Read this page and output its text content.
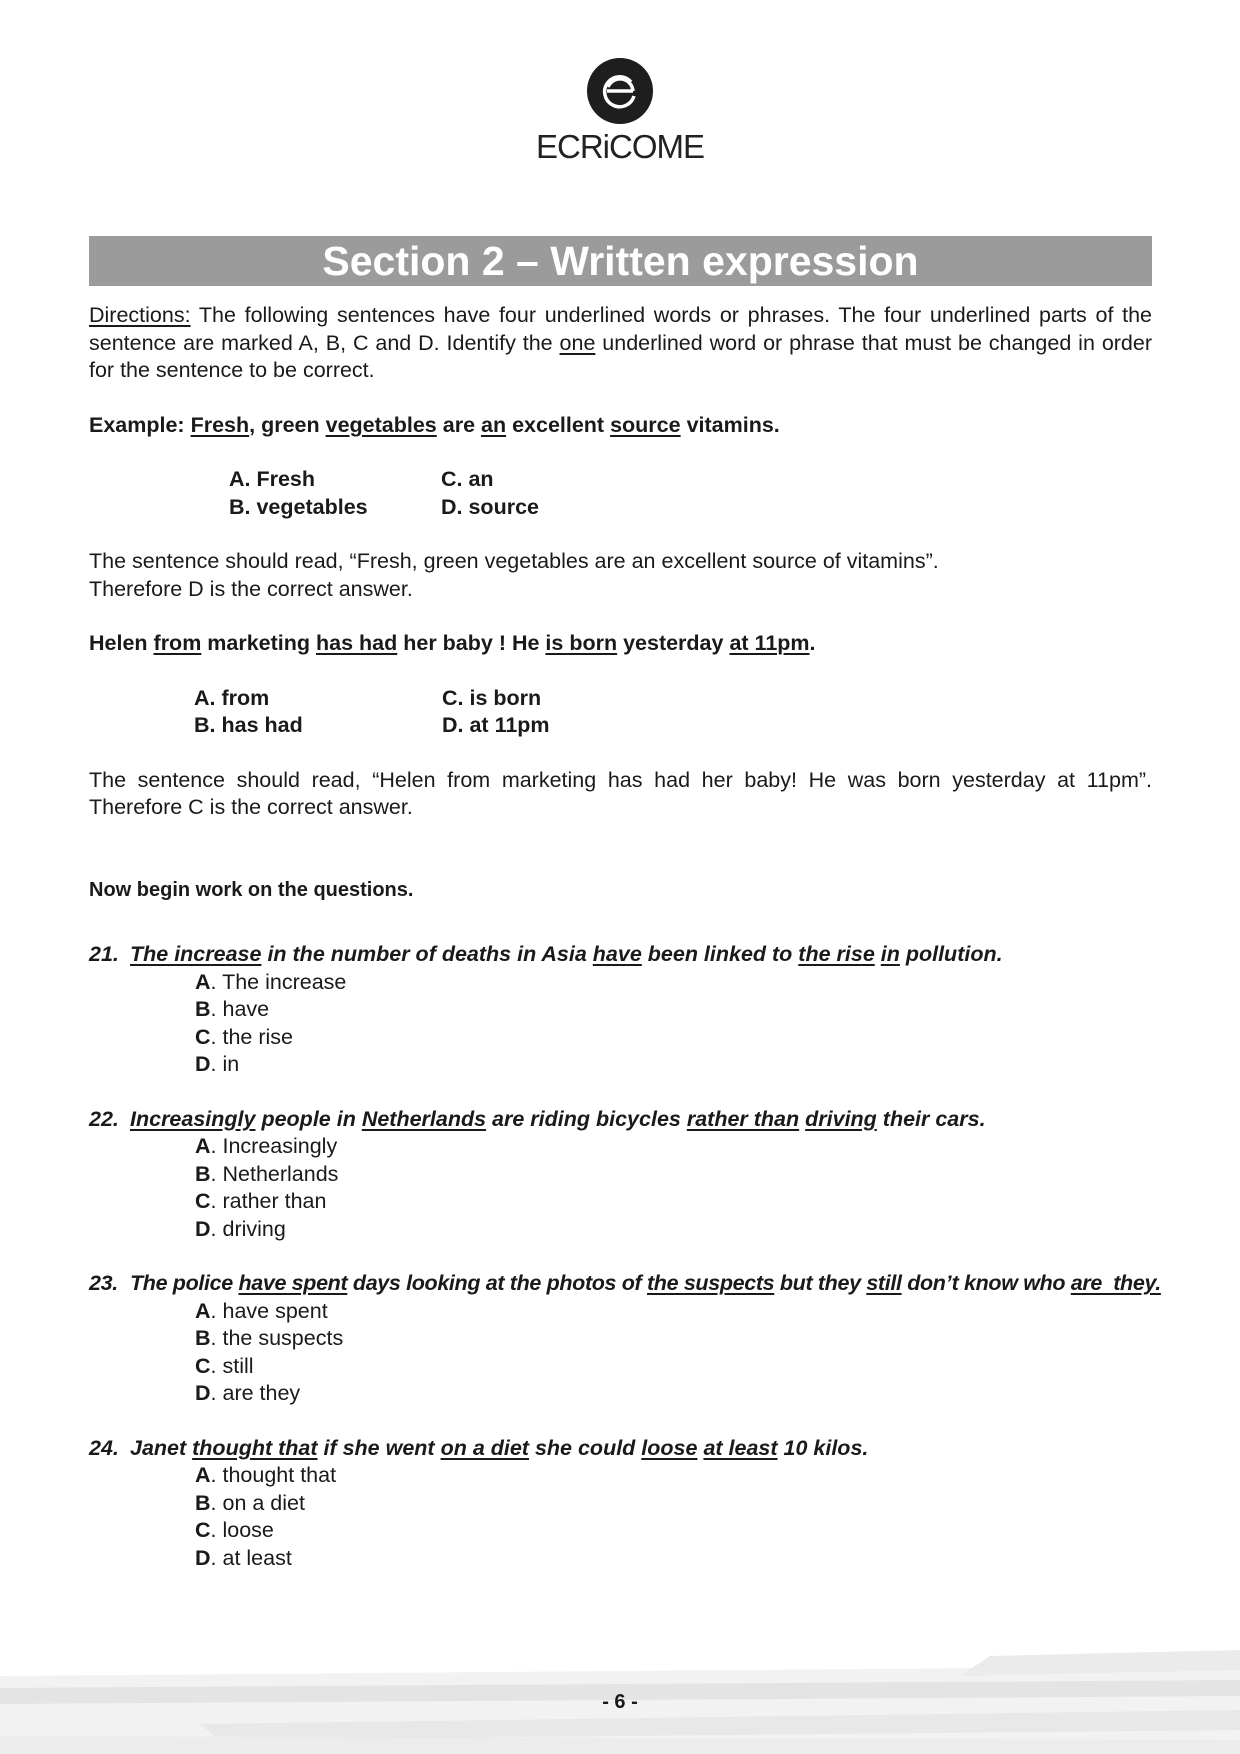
ECRiCOME
Section 2 – Written expression

Directions: The following sentences have four underlined words or phrases. The four underlined parts of the sentence are marked A, B, C and D. Identify the one underlined word or phrase that must be changed in order for the sentence to be correct.

Example: Fresh, green vegetables are an excellent source vitamins.

A. Fresh	C. an
B. vegetables	D. source

The sentence should read, “Fresh, green vegetables are an excellent source of vitamins”.

Therefore D is the correct answer.

Helen from marketing has had her baby ! He is born yesterday at 11pm.

A. from	C. is born
B. has had	D. at 11pm

The sentence should read, “Helen from marketing has had her baby! He was born yesterday at 11pm”.

Therefore C is the correct answer.

Now begin work on the questions.

21. The increase in the number of deaths in Asia have been linked to the rise in pollution.
A. The increase
B. have
C. the rise
D. in
22. Increasingly people in Netherlands are riding bicycles rather than driving their cars.
A. Increasingly
B. Netherlands
C. rather than
D. driving
23. The police have spent days looking at the photos of the suspects but they still don’t know who are  they.
A. have spent
B. the suspects
C. still
D. are they
24. Janet thought that if she went on a diet she could loose at least 10 kilos.
A. thought that
B. on a diet
C. loose
D. at least
- 6 -
